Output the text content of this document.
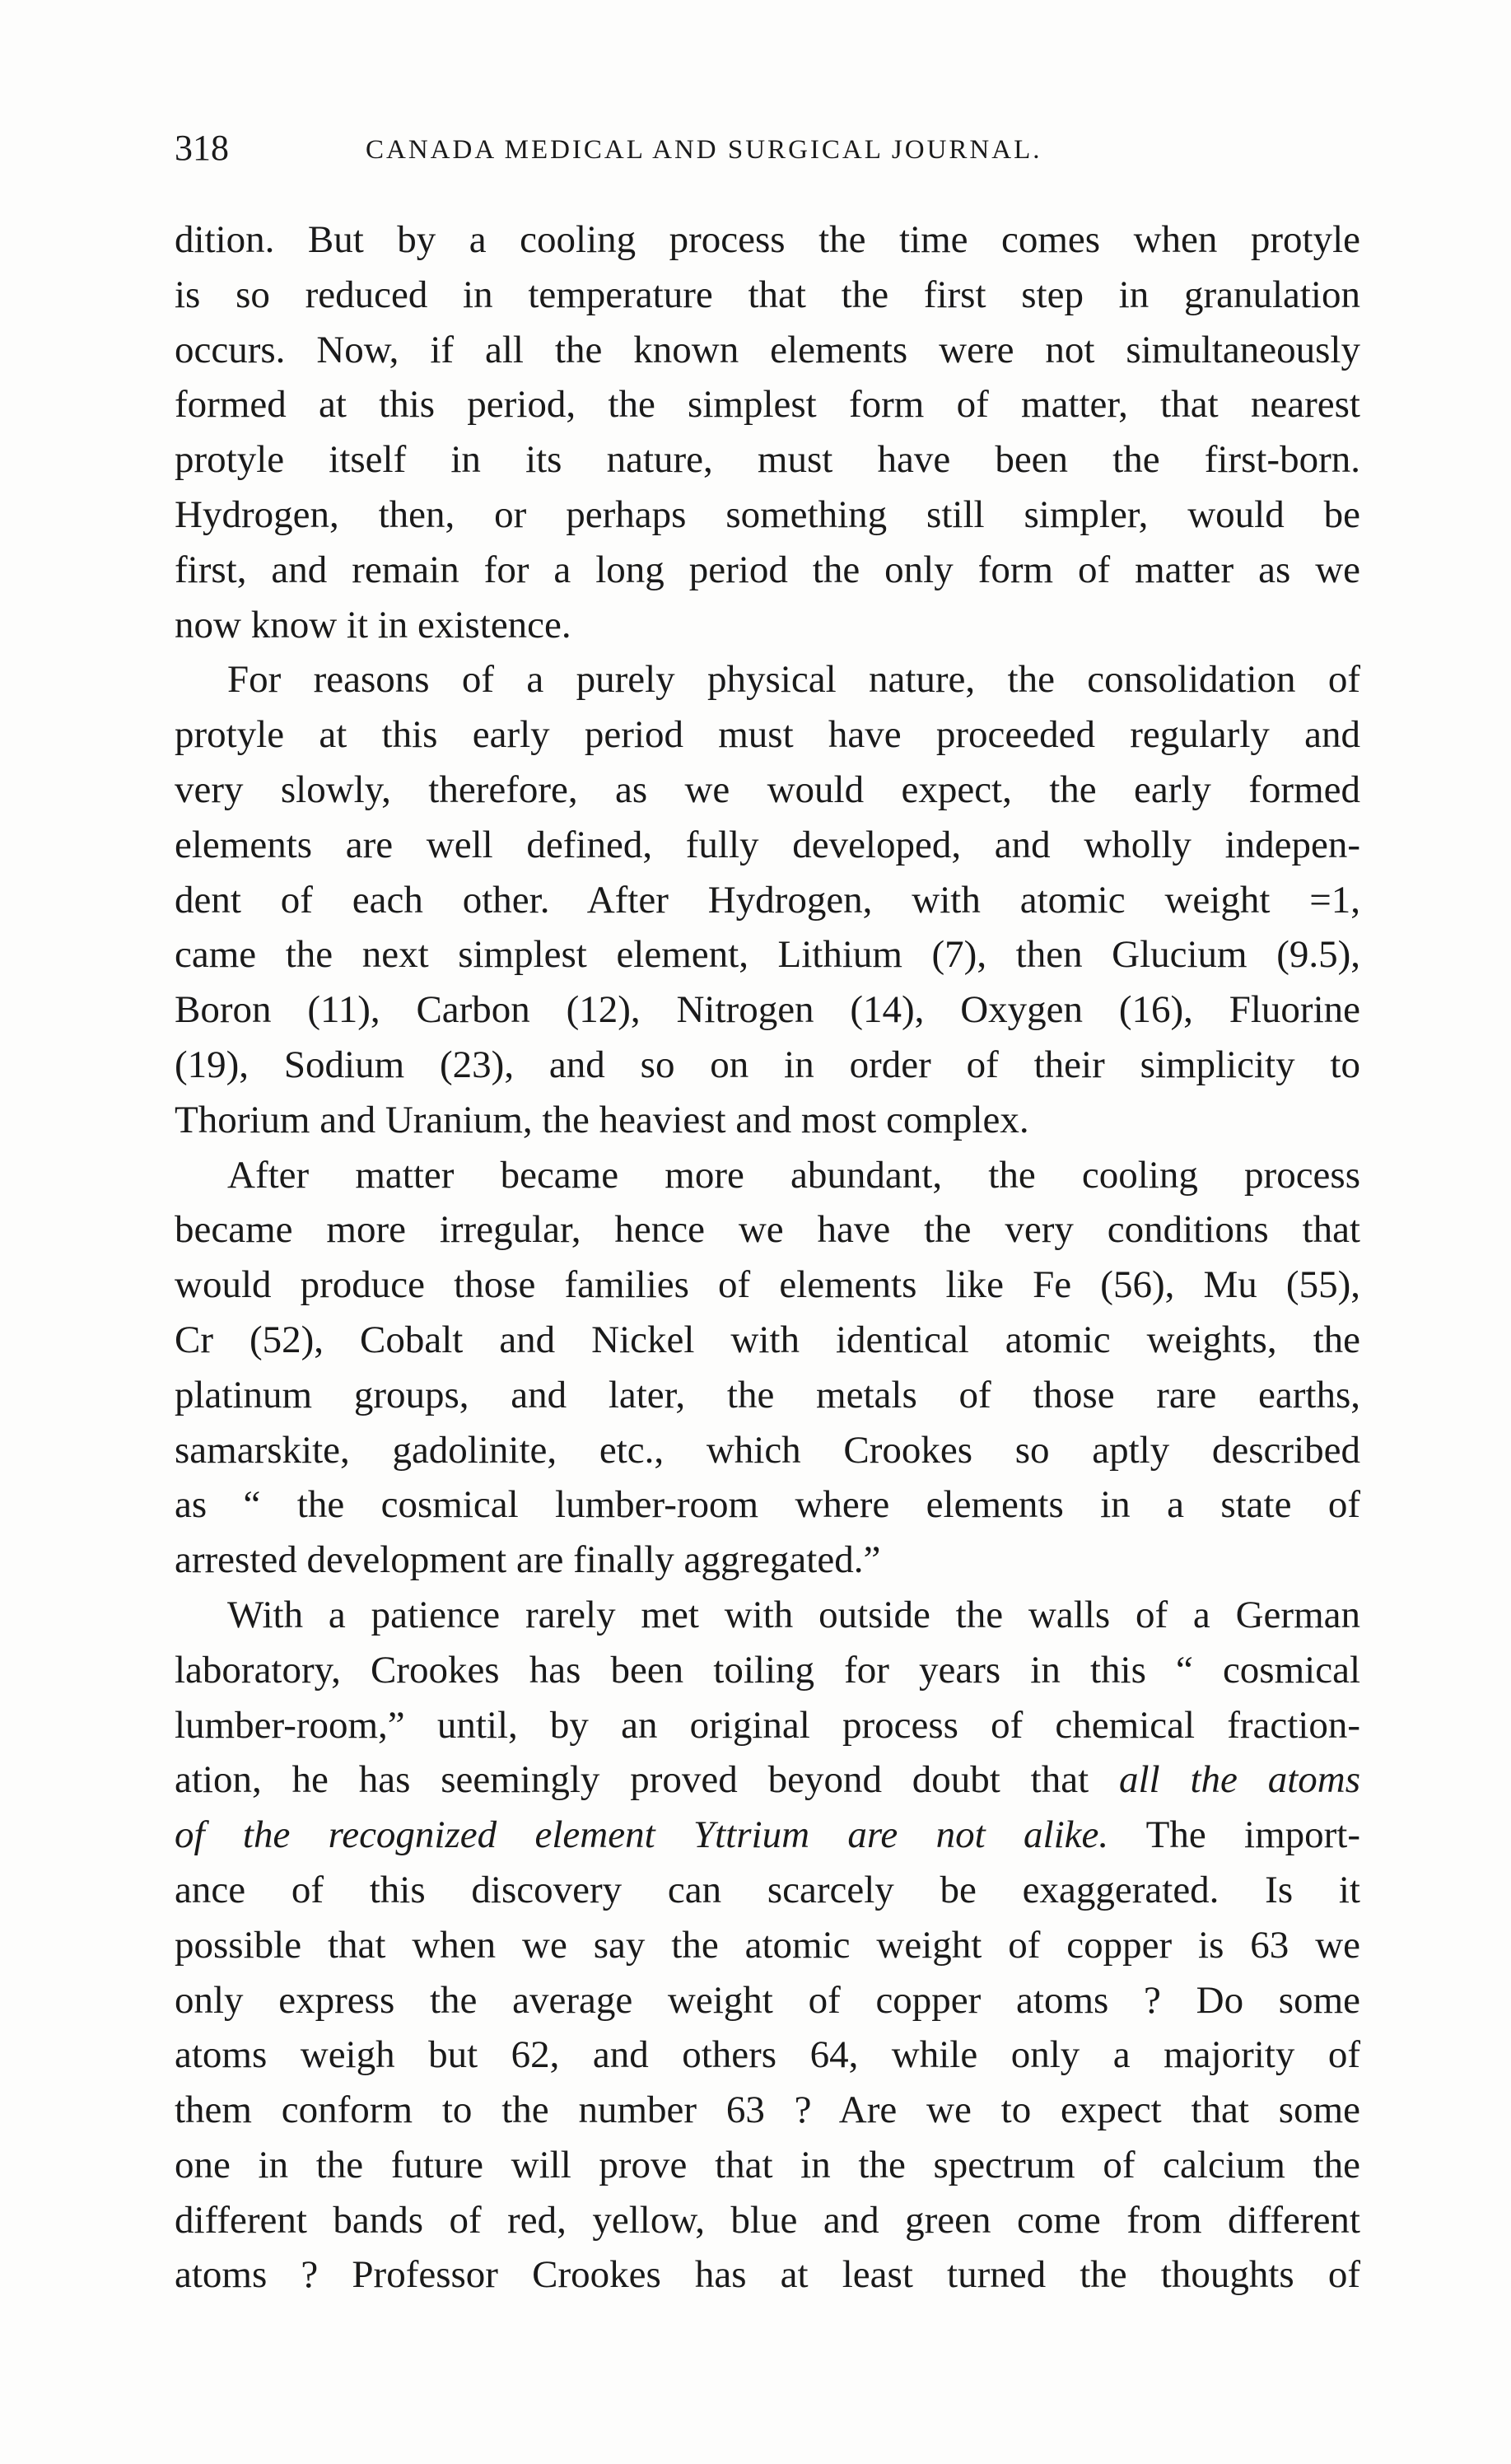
318	CANADA MEDICAL AND SURGICAL JOURNAL.
dition. But by a cooling process the time comes when protyle
is so reduced in temperature that the first step in granulation
occurs. Now, if all the known elements were not simultaneously
formed at this period, the simplest form of matter, that nearest
protyle itself in its nature, must have been the first-born.
Hydrogen, then, or perhaps something still simpler, would be
first, and remain for a long period the only form of matter as we
now know it in existence.
For reasons of a purely physical nature, the consolidation of
protyle at this early period must have proceeded regularly and
very slowly, therefore, as we would expect, the early formed
elements are well defined, fully developed, and wholly indepen-
dent of each other. After Hydrogen, with atomic weight =1,
came the next simplest element, Lithium (7), then Glucium (9.5),
Boron (11), Carbon (12), Nitrogen (14), Oxygen (16), Fluorine
(19), Sodium (23), and so on in order of their simplicity to
Thorium and Uranium, the heaviest and most complex.
After matter became more abundant, the cooling process
became more irregular, hence we have the very conditions that
would produce those families of elements like Fe (56), Mu (55),
Cr (52), Cobalt and Nickel with identical atomic weights, the
platinum groups, and later, the metals of those rare earths,
samarskite, gadolinite, etc., which Crookes so aptly described
as “ the cosmical lumber-room where elements in a state of
arrested development are finally aggregated.”
With a patience rarely met with outside the walls of a German
laboratory, Crookes has been toiling for years in this “ cosmical
lumber-room,” until, by an original process of chemical fraction-
ation, he has seemingly proved beyond doubt that all the atoms
of the recognized element Yttrium are not alike. The import-
ance of this discovery can scarcely be exaggerated. Is it
possible that when we say the atomic weight of copper is 63 we
only express the average weight of copper atoms ? Do some
atoms weigh but 62, and others 64, while only a majority of
them conform to the number 63 ? Are we to expect that some
one in the future will prove that in the spectrum of calcium the
different bands of red, yellow, blue and green come from different
atoms ? Professor Crookes has at least turned the thoughts of
